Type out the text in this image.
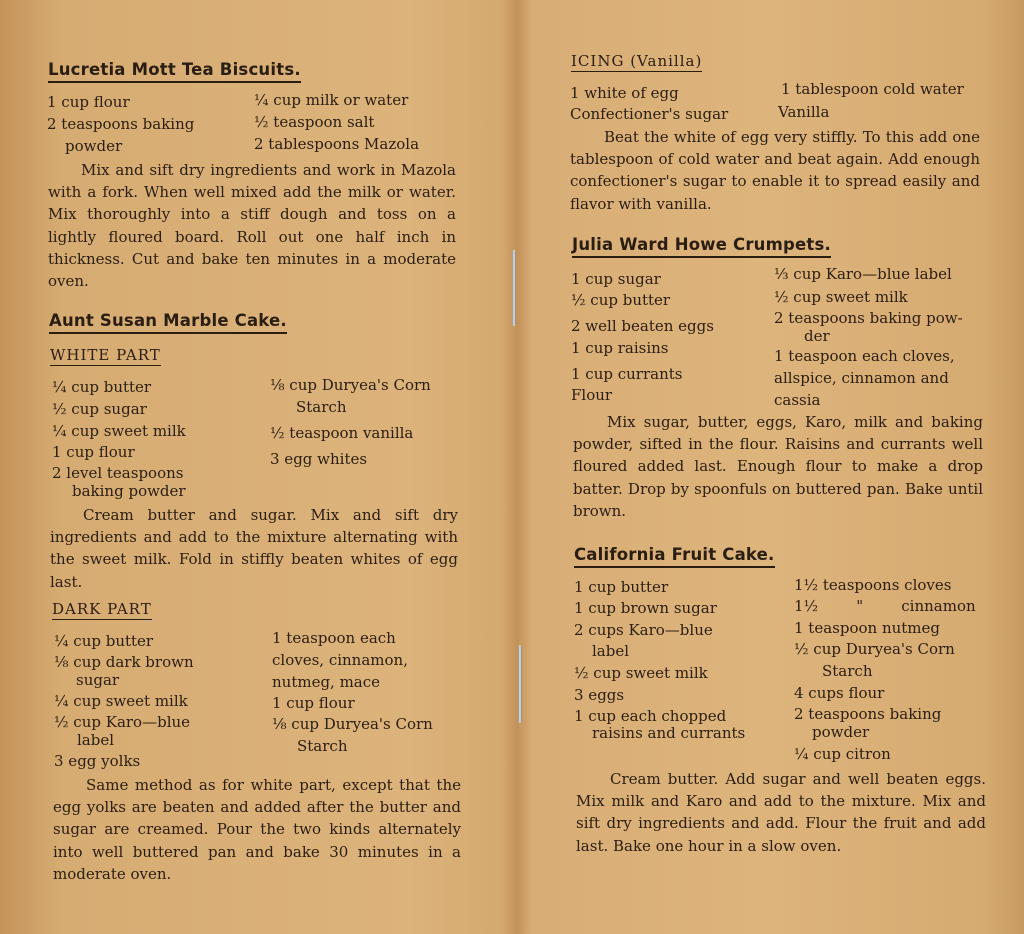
Lucretia Mott Tea Biscuits.
1 cup flour
2 teaspoons baking
powder
¼ cup milk or water
½ teaspoon salt
2 tablespoons Mazola
Mix and sift dry ingredients and work in Mazola with a fork. When well mixed add the milk or water. Mix thoroughly into a stiff dough and toss on a lightly floured board. Roll out one half inch in thickness. Cut and bake ten minutes in a moderate oven.
Aunt Susan Marble Cake.
WHITE PART
¼ cup butter
½ cup sugar
¼ cup sweet milk
1 cup flour
2 level teaspoons
baking powder
⅛ cup Duryea's Corn
Starch
½ teaspoon vanilla
3 egg whites
Cream butter and sugar. Mix and sift dry ingredients and add to the mixture alternating with the sweet milk. Fold in stiffly beaten whites of egg last.
DARK PART
¼ cup butter
⅛ cup dark brown
sugar
¼ cup sweet milk
½ cup Karo—blue
label
3 egg yolks
1 teaspoon each
cloves, cinnamon,
nutmeg, mace
1 cup flour
⅛ cup Duryea's Corn
Starch
Same method as for white part, except that the egg yolks are beaten and added after the butter and sugar are creamed. Pour the two kinds alternately into well buttered pan and bake 30 minutes in a moderate oven.
ICING (Vanilla)
1 white of egg
Confectioner's sugar
1 tablespoon cold water
Vanilla
Beat the white of egg very stiffly. To this add one tablespoon of cold water and beat again. Add enough confectioner's sugar to enable it to spread easily and flavor with vanilla.
Julia Ward Howe Crumpets.
1 cup sugar
½ cup butter
2 well beaten eggs
1 cup raisins
1 cup currants
Flour
⅓ cup Karo—blue label
½ cup sweet milk
2 teaspoons baking pow-
der
1 teaspoon each cloves,
allspice, cinnamon and
cassia
Mix sugar, butter, eggs, Karo, milk and baking powder, sifted in the flour. Raisins and currants well floured added last. Enough flour to make a drop batter. Drop by spoonfuls on buttered pan. Bake until brown.
California Fruit Cake.
1 cup butter
1 cup brown sugar
2 cups Karo—blue
label
½ cup sweet milk
3 eggs
1 cup each chopped
raisins and currants
1½ teaspoons cloves
1½        "        cinnamon
1 teaspoon nutmeg
½ cup Duryea's Corn
Starch
4 cups flour
2 teaspoons baking
powder
¼ cup citron
Cream butter. Add sugar and well beaten eggs. Mix milk and Karo and add to the mixture. Mix and sift dry ingredients and add. Flour the fruit and add last. Bake one hour in a slow oven.
